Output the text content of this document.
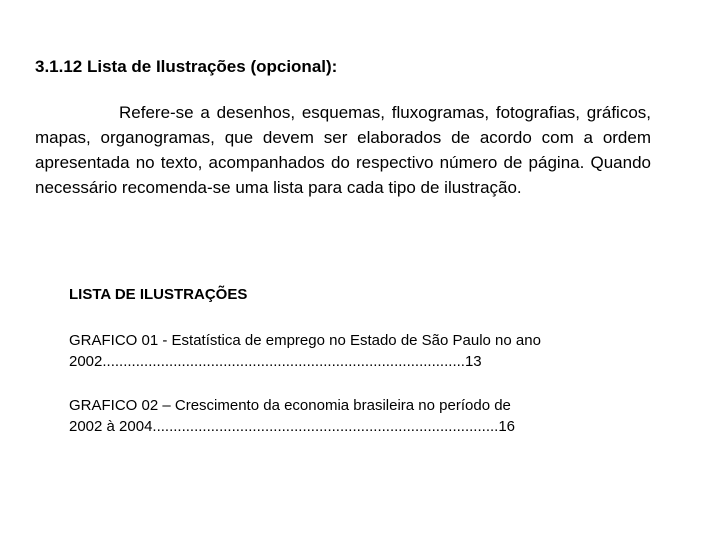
3.1.12 Lista de Ilustrações (opcional):

Refere-se a desenhos, esquemas, fluxogramas, fotografias, gráficos, mapas, organogramas, que devem ser elaborados de acordo com a ordem apresentada no texto, acompanhados do respectivo número de página. Quando necessário recomenda-se uma lista para cada tipo de ilustração.

LISTA DE ILUSTRAÇÕES
GRAFICO 01 - Estatística de emprego no Estado de São Paulo no ano
2002.......................................................................................13
GRAFICO 02 – Crescimento da economia brasileira no período de
2002 à 2004...................................................................................16
